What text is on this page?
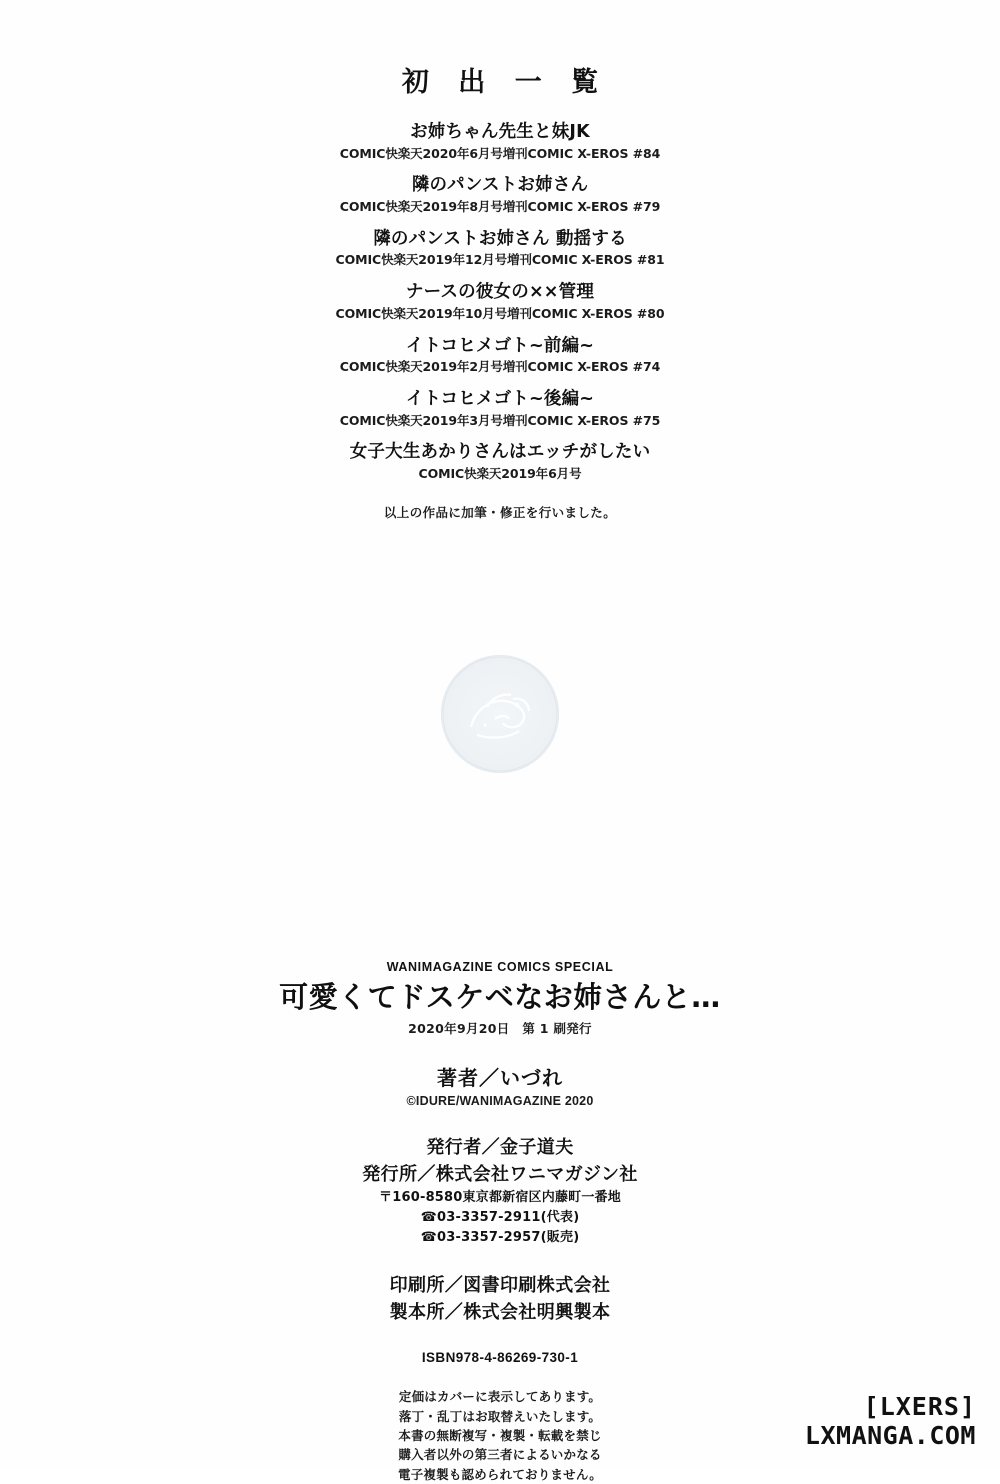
初 出 一 覧
お姉ちゃん先生と妹JK
COMIC快楽天2020年6月号増刊COMIC X-EROS #84
隣のパンストお姉さん
COMIC快楽天2019年8月号増刊COMIC X-EROS #79
隣のパンストお姉さん 動揺する
COMIC快楽天2019年12月号増刊COMIC X-EROS #81
ナースの彼女の××管理
COMIC快楽天2019年10月号増刊COMIC X-EROS #80
イトコヒメゴト~前編~
COMIC快楽天2019年2月号増刊COMIC X-EROS #74
イトコヒメゴト~後編~
COMIC快楽天2019年3月号増刊COMIC X-EROS #75
女子大生あかりさんはエッチがしたい
COMIC快楽天2019年6月号
以上の作品に加筆・修正を行いました。
WANIMAGAZINE COMICS SPECIAL
可愛くてドスケベなお姉さんと…
2020年9月20日　第 1 刷発行
著者／いづれ
©IDURE/WANIMAGAZINE 2020
発行者／金子道夫
発行所／株式会社ワニマガジン社
〒160-8580東京都新宿区内藤町一番地
☎03-3357-2911(代表)
☎03-3357-2957(販売)
印刷所／図書印刷株式会社
製本所／株式会社明興製本
ISBN978-4-86269-730-1
定価はカバーに表示してあります。
落丁・乱丁はお取替えいたします。
本書の無断複写・複製・転載を禁じ
購入者以外の第三者によるいかなる
電子複製も認められておりません。
[LXERS]
LXMANGA.COM
